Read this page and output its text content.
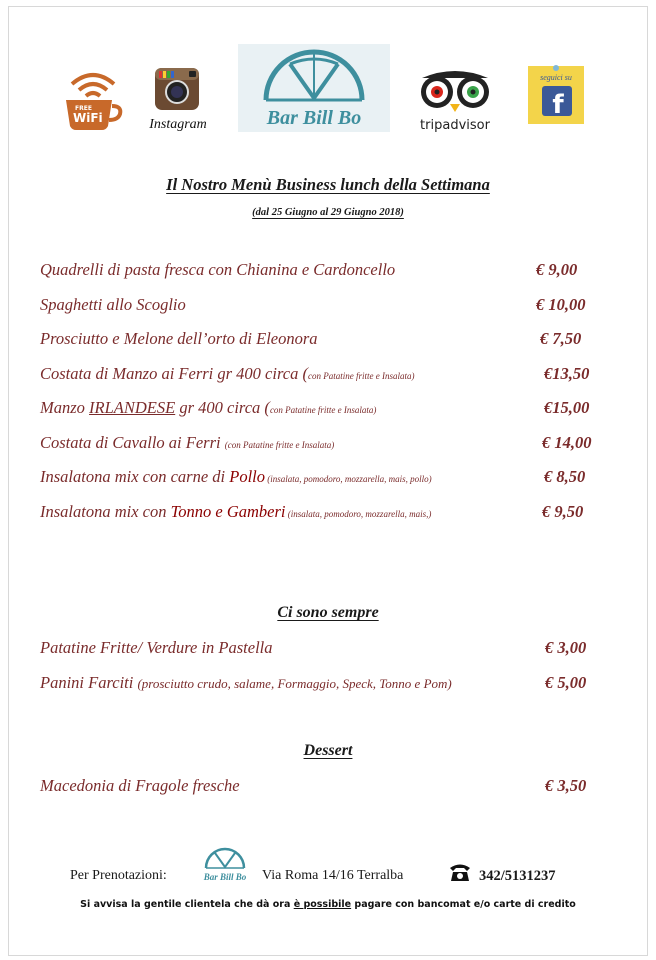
FREE
WiFi	Instagram	Bar Bill Bo	tripadvisor
seguici su
f
Il Nostro Menù Business lunch della Settimana
(dal 25 Giugno al 29 Giugno 2018)
Quadrelli di pasta fresca con Chianina e Cardoncello	€ 9,00
Spaghetti allo Scoglio	€ 10,00
Prosciutto e Melone dell’orto di Eleonora	€ 7,50
Costata di Manzo ai Ferri gr 400 circa (con Patatine fritte e Insalata)	€13,50
Manzo IRLANDESE gr 400 circa (con Patatine fritte e Insalata)	€15,00
Costata di Cavallo ai Ferri (con Patatine fritte e Insalata)	€ 14,00
Insalatona mix con carne di Pollo (insalata, pomodoro, mozzarella, mais, pollo)	€ 8,50
Insalatona mix con Tonno e Gamberi (insalata, pomodoro, mozzarella, mais,)	€ 9,50
Ci sono sempre
Patatine Fritte/ Verdure in Pastella	€ 3,00
Panini Farciti (prosciutto crudo, salame, Formaggio, Speck, Tonno e Pom)	€ 5,00
Dessert
Macedonia di Fragole fresche	€ 3,50
Per Prenotazioni:	Bar Bill Bo Via Roma 14/16 Terralba	342/5131237
Si avvisa la gentile clientela che dà ora è possibile pagare con bancomat e/o carte di credito
